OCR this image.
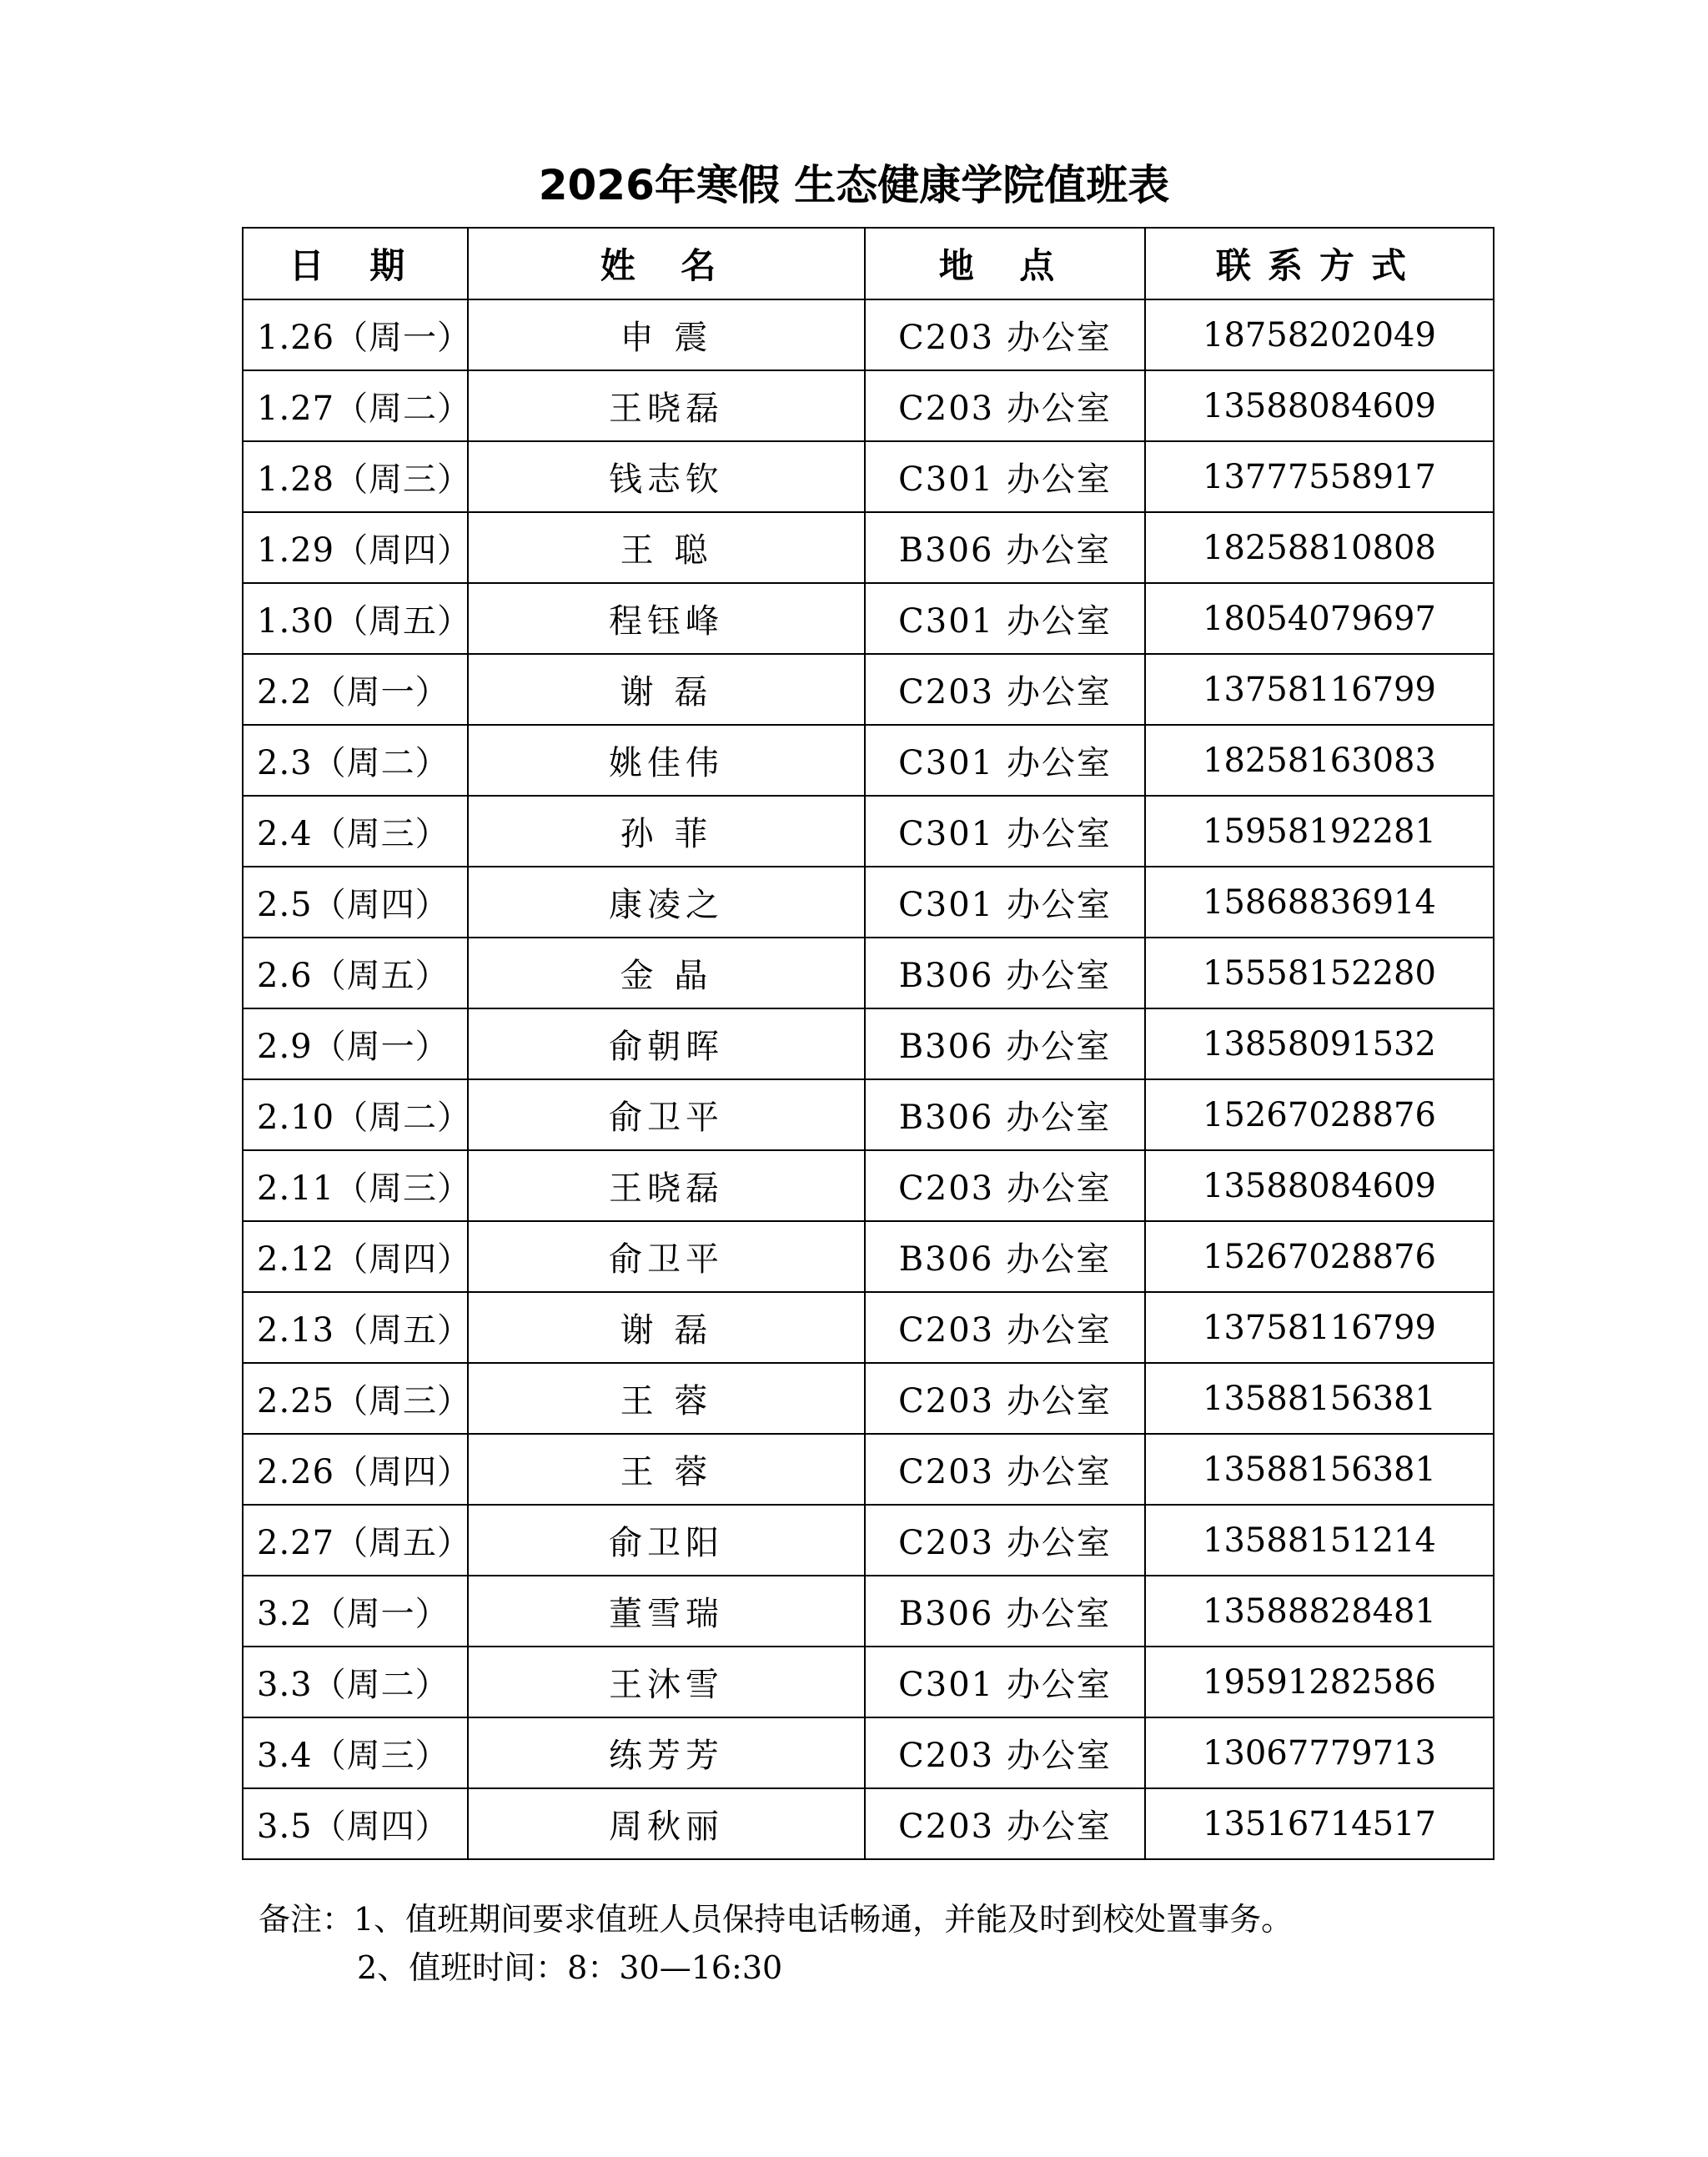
2026年寒假 生态健康学院值班表
日 期	姓 名	地 点	联系方式
1.26（周一）	申 震	C203 办公室	18758202049
1.27（周二）	王晓磊	C203 办公室	13588084609
1.28（周三）	钱志钦	C301 办公室	13777558917
1.29（周四）	王 聪	B306 办公室	18258810808
1.30（周五）	程钰峰	C301 办公室	18054079697
2.2（周一）	谢 磊	C203 办公室	13758116799
2.3（周二）	姚佳伟	C301 办公室	18258163083
2.4（周三）	孙 菲	C301 办公室	15958192281
2.5（周四）	康凌之	C301 办公室	15868836914
2.6（周五）	金 晶	B306 办公室	15558152280
2.9（周一）	俞朝晖	B306 办公室	13858091532
2.10（周二）	俞卫平	B306 办公室	15267028876
2.11（周三）	王晓磊	C203 办公室	13588084609
2.12（周四）	俞卫平	B306 办公室	15267028876
2.13（周五）	谢 磊	C203 办公室	13758116799
2.25（周三）	王 蓉	C203 办公室	13588156381
2.26（周四）	王 蓉	C203 办公室	13588156381
2.27（周五）	俞卫阳	C203 办公室	13588151214
3.2（周一）	董雪瑞	B306 办公室	13588828481
3.3（周二）	王沐雪	C301 办公室	19591282586
3.4（周三）	练芳芳	C203 办公室	13067779713
3.5（周四）	周秋丽	C203 办公室	13516714517
备注：1、值班期间要求值班人员保持电话畅通，并能及时到校处置事务。
2、值班时间：8：30—16:30
